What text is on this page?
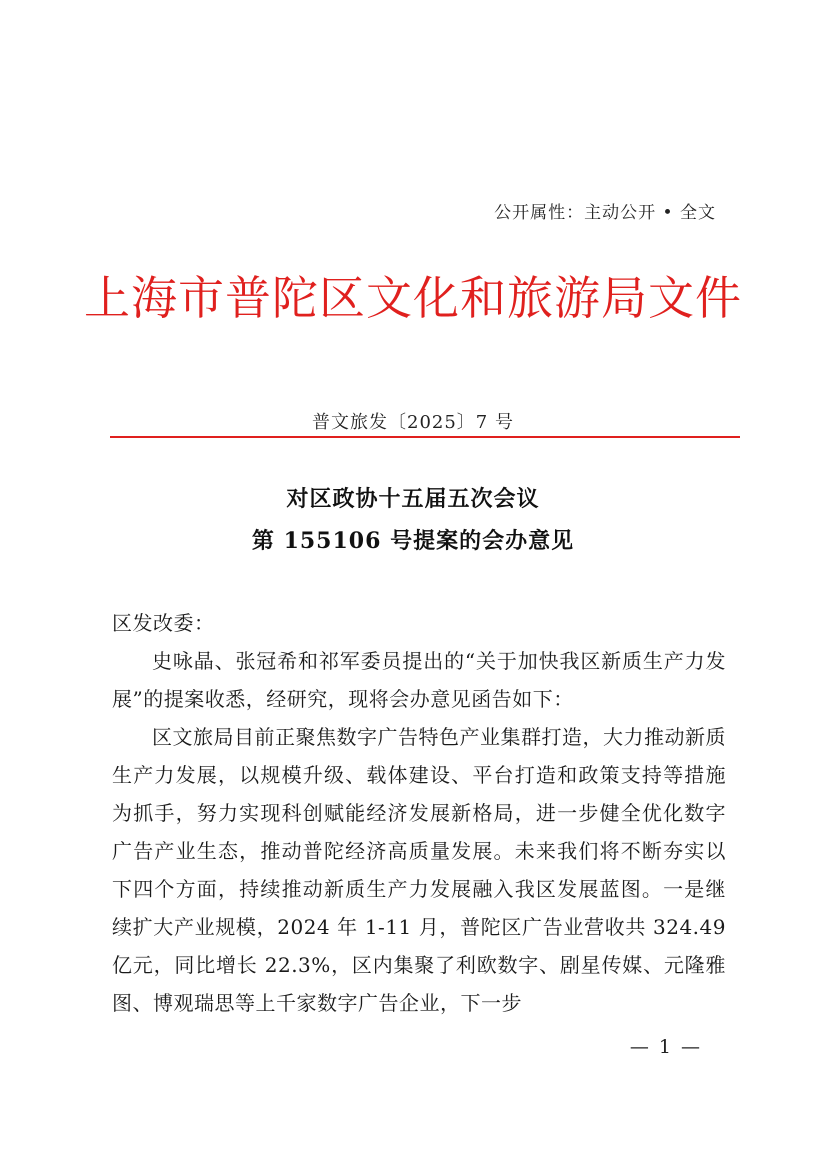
公开属性：主动公开 • 全文
上海市普陀区文化和旅游局文件
普文旅发〔2025〕7 号
对区政协十五届五次会议
第 155106 号提案的会办意见

区发改委：

史咏晶、张冠希和祁军委员提出的“关于加快我区新质生产力发展”的提案收悉，经研究，现将会办意见函告如下：

区文旅局目前正聚焦数字广告特色产业集群打造，大力推动新质生产力发展，以规模升级、载体建设、平台打造和政策支持等措施为抓手，努力实现科创赋能经济发展新格局，进一步健全优化数字广告产业生态，推动普陀经济高质量发展。未来我们将不断夯实以下四个方面，持续推动新质生产力发展融入我区发展蓝图。一是继续扩大产业规模，2024 年 1-11 月，普陀区广告业营收共 324.49 亿元，同比增长 22.3%，区内集聚了利欧数字、剧星传媒、元隆雅图、博观瑞思等上千家数字广告企业，下一步

— 1 —
